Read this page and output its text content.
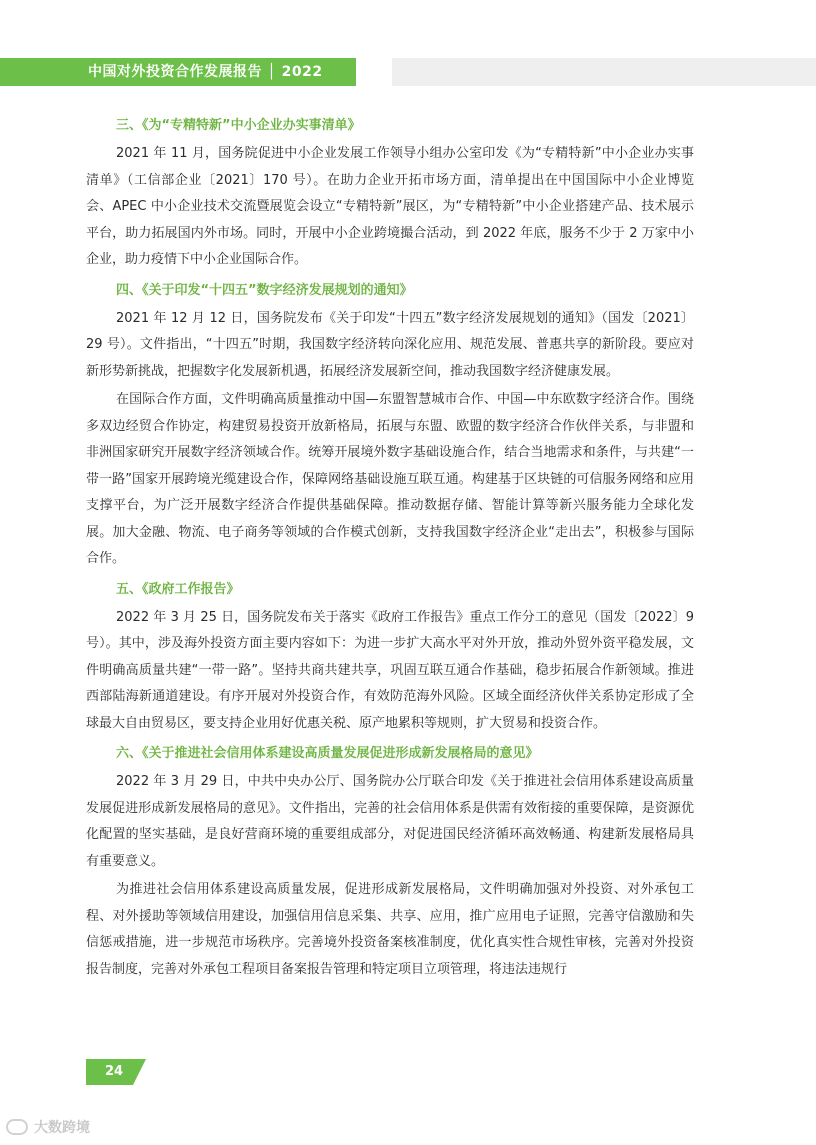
中国对外投资合作发展报告 │ 2022
三、《为“专精特新”中小企业办实事清单》

2021 年 11 月，国务院促进中小企业发展工作领导小组办公室印发《为“专精特新”中小企业办实事清单》（工信部企业〔2021〕170 号）。在助力企业开拓市场方面，清单提出在中国国际中小企业博览会、APEC 中小企业技术交流暨展览会设立“专精特新”展区，为“专精特新”中小企业搭建产品、技术展示平台，助力拓展国内外市场。同时，开展中小企业跨境撮合活动，到 2022 年底，服务不少于 2 万家中小企业，助力疫情下中小企业国际合作。

四、《关于印发“十四五”数字经济发展规划的通知》

2021 年 12 月 12 日，国务院发布《关于印发“十四五”数字经济发展规划的通知》（国发〔2021〕29 号）。文件指出，“十四五”时期，我国数字经济转向深化应用、规范发展、普惠共享的新阶段。要应对新形势新挑战，把握数字化发展新机遇，拓展经济发展新空间，推动我国数字经济健康发展。

在国际合作方面，文件明确高质量推动中国—东盟智慧城市合作、中国—中东欧数字经济合作。围绕多双边经贸合作协定，构建贸易投资开放新格局，拓展与东盟、欧盟的数字经济合作伙伴关系，与非盟和非洲国家研究开展数字经济领域合作。统筹开展境外数字基础设施合作，结合当地需求和条件，与共建“一带一路”国家开展跨境光缆建设合作，保障网络基础设施互联互通。构建基于区块链的可信服务网络和应用支撑平台，为广泛开展数字经济合作提供基础保障。推动数据存储、智能计算等新兴服务能力全球化发展。加大金融、物流、电子商务等领域的合作模式创新，支持我国数字经济企业“走出去”，积极参与国际合作。

五、《政府工作报告》

2022 年 3 月 25 日，国务院发布关于落实《政府工作报告》重点工作分工的意见（国发〔2022〕9 号）。其中，涉及海外投资方面主要内容如下：为进一步扩大高水平对外开放，推动外贸外资平稳发展，文件明确高质量共建“一带一路”。坚持共商共建共享，巩固互联互通合作基础，稳步拓展合作新领域。推进西部陆海新通道建设。有序开展对外投资合作，有效防范海外风险。区域全面经济伙伴关系协定形成了全球最大自由贸易区，要支持企业用好优惠关税、原产地累积等规则，扩大贸易和投资合作。

六、《关于推进社会信用体系建设高质量发展促进形成新发展格局的意见》

2022 年 3 月 29 日，中共中央办公厅、国务院办公厅联合印发《关于推进社会信用体系建设高质量发展促进形成新发展格局的意见》。文件指出，完善的社会信用体系是供需有效衔接的重要保障，是资源优化配置的坚实基础，是良好营商环境的重要组成部分，对促进国民经济循环高效畅通、构建新发展格局具有重要意义。

为推进社会信用体系建设高质量发展，促进形成新发展格局，文件明确加强对外投资、对外承包工程、对外援助等领域信用建设，加强信用信息采集、共享、应用，推广应用电子证照，完善守信激励和失信惩戒措施，进一步规范市场秩序。完善境外投资备案核准制度，优化真实性合规性审核，完善对外投资报告制度，完善对外承包工程项目备案报告管理和特定项目立项管理，将违法违规行

24
大数跨境
